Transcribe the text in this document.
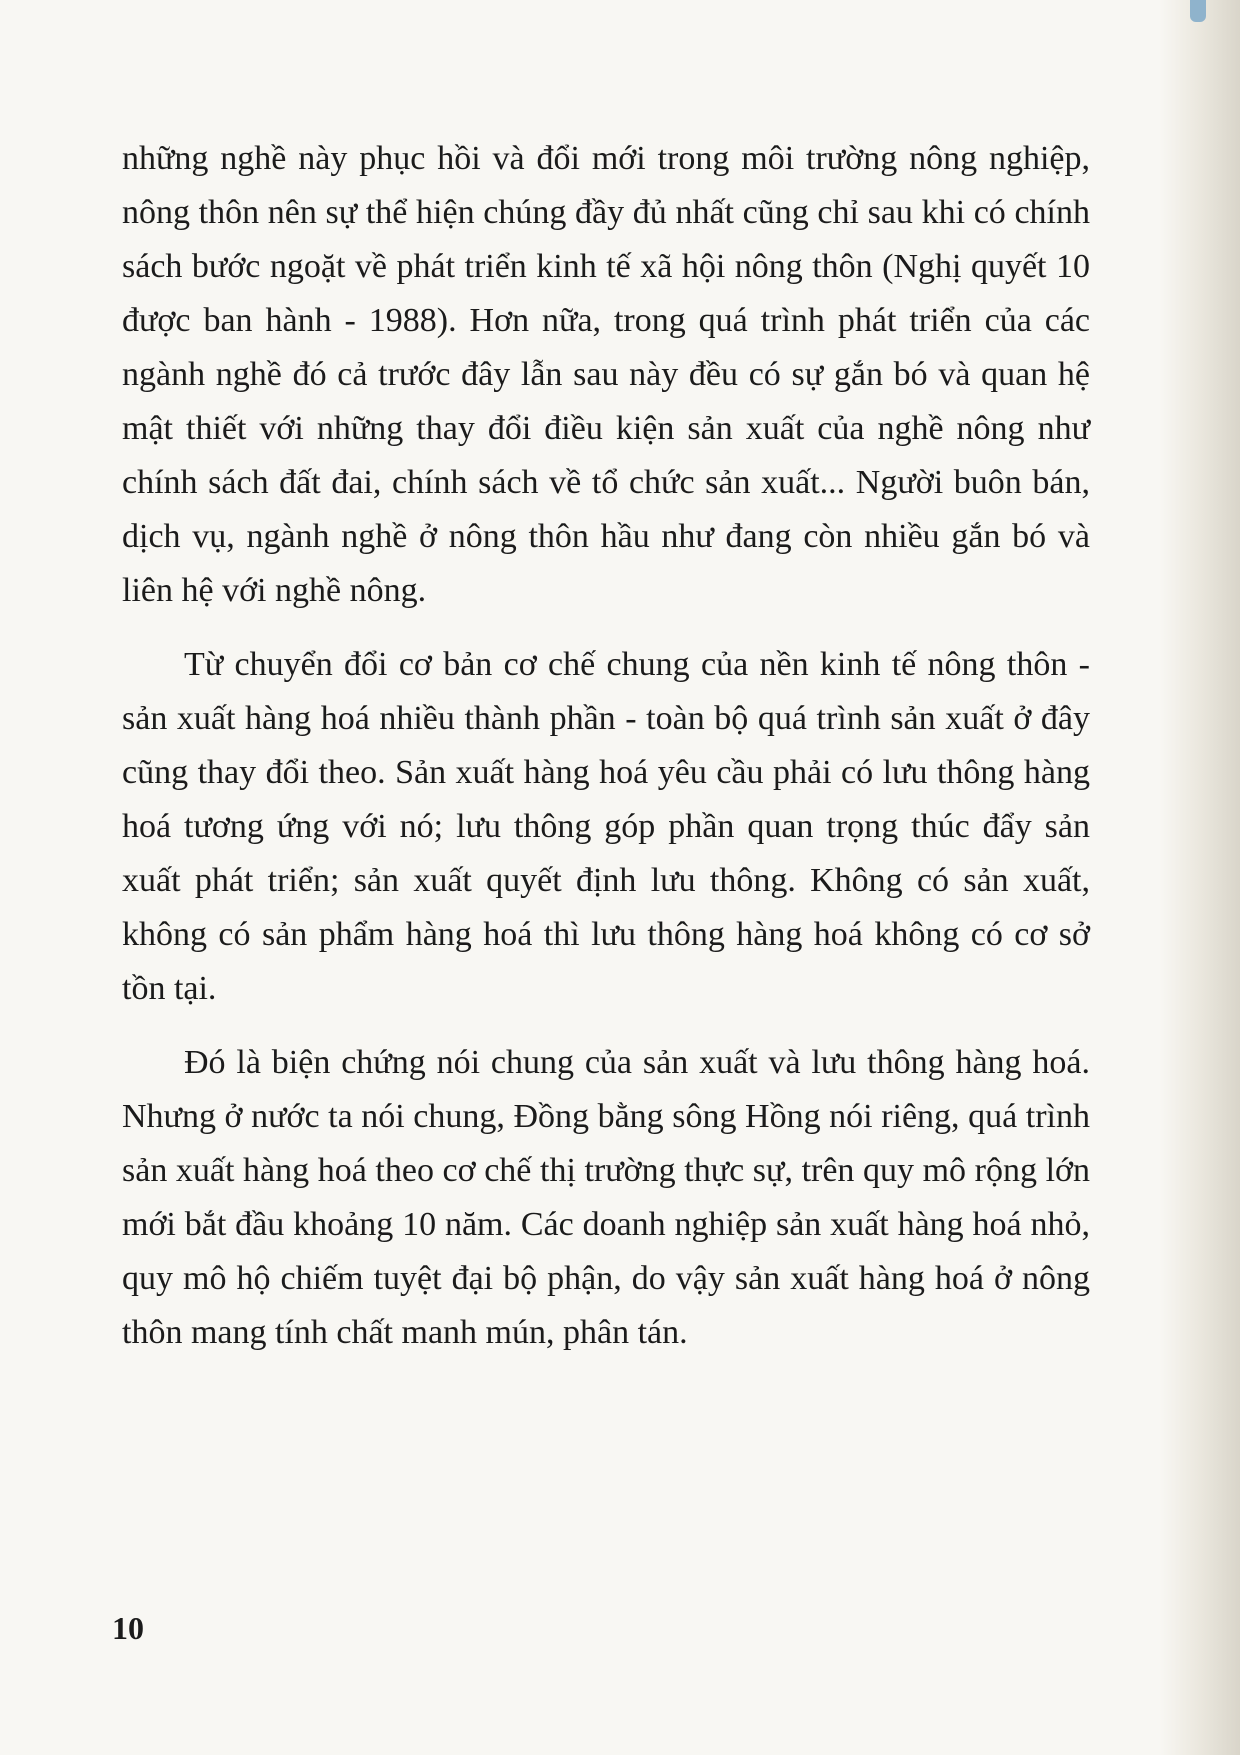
những nghề này phục hồi và đổi mới trong môi trường nông nghiệp, nông thôn nên sự thể hiện chúng đầy đủ nhất cũng chỉ sau khi có chính sách bước ngoặt về phát triển kinh tế xã hội nông thôn (Nghị quyết 10 được ban hành - 1988). Hơn nữa, trong quá trình phát triển của các ngành nghề đó cả trước đây lẫn sau này đều có sự gắn bó và quan hệ mật thiết với những thay đổi điều kiện sản xuất của nghề nông như chính sách đất đai, chính sách về tổ chức sản xuất... Người buôn bán, dịch vụ, ngành nghề ở nông thôn hầu như đang còn nhiều gắn bó và liên hệ với nghề nông.

Từ chuyển đổi cơ bản cơ chế chung của nền kinh tế nông thôn - sản xuất hàng hoá nhiều thành phần - toàn bộ quá trình sản xuất ở đây cũng thay đổi theo. Sản xuất hàng hoá yêu cầu phải có lưu thông hàng hoá tương ứng với nó; lưu thông góp phần quan trọng thúc đẩy sản xuất phát triển; sản xuất quyết định lưu thông. Không có sản xuất, không có sản phẩm hàng hoá thì lưu thông hàng hoá không có cơ sở tồn tại.

Đó là biện chứng nói chung của sản xuất và lưu thông hàng hoá. Nhưng ở nước ta nói chung, Đồng bằng sông Hồng nói riêng, quá trình sản xuất hàng hoá theo cơ chế thị trường thực sự, trên quy mô rộng lớn mới bắt đầu khoảng 10 năm. Các doanh nghiệp sản xuất hàng hoá nhỏ, quy mô hộ chiếm tuyệt đại bộ phận, do vậy sản xuất hàng hoá ở nông thôn mang tính chất manh mún, phân tán.

10
